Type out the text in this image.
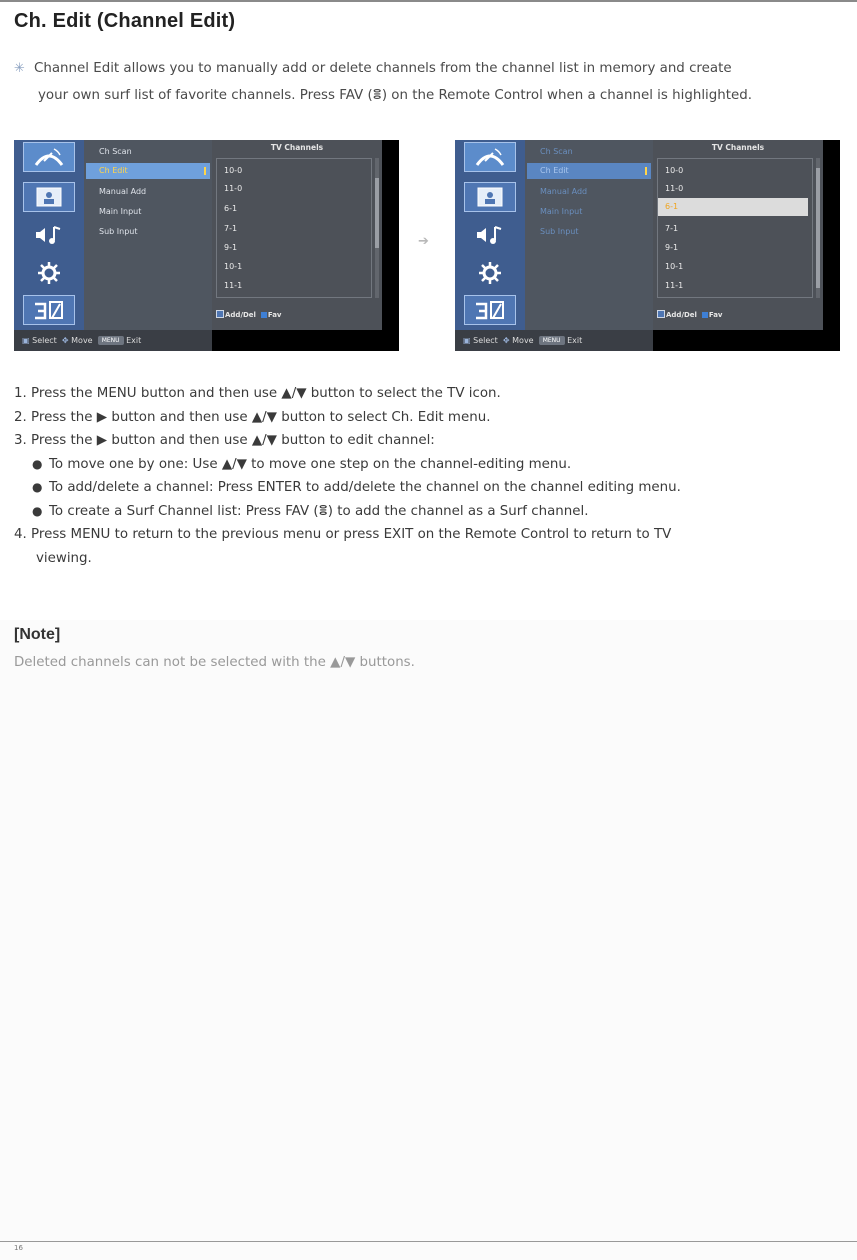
Ch. Edit (Channel Edit)
✳ Channel Edit allows you to manually add or delete channels from the channel list in memory and create
your own surf list of favorite channels. Press FAV (ⴻ) on the Remote Control when a channel is highlighted.
Ch Scan
Ch Edit
Manual Add
Main Input
Sub Input
TV Channels
10-0
11-0
6-1
7-1
9-1
10-1
11-1
Add/Del Fav
▣ Select ✥ Move MENU Exit
➔
Ch Scan
Ch Edit
Manual Add
Main Input
Sub Input
TV Channels
10-0
11-0
6-1
7-1
9-1
10-1
11-1
Add/Del Fav
▣ Select ✥ Move MENU Exit

1. Press the MENU button and then use ▲/▼ button to select the TV icon.

2. Press the ▶ button and then use ▲/▼ button to select Ch. Edit menu.

3. Press the ▶ button and then use ▲/▼ button to edit channel:

● To move one by one: Use ▲/▼ to move one step on the channel-editing menu.

● To add/delete a channel: Press ENTER to add/delete the channel on the channel editing menu.

● To create a Surf Channel list: Press FAV (ⴻ) to add the channel as a Surf channel.

4. Press MENU to return to the previous menu or press EXIT on the Remote Control to return to TV

viewing.

[Note]
Deleted channels can not be selected with the ▲/▼ buttons.
16
